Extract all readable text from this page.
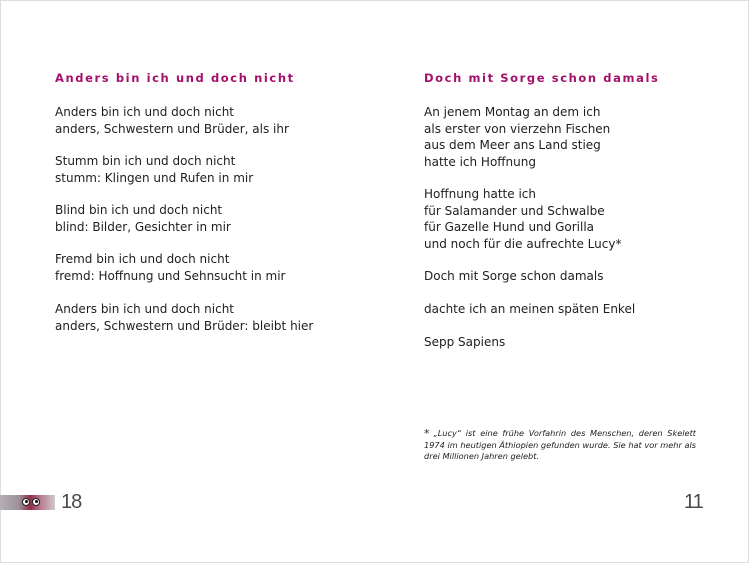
Anders bin ich und doch nicht
Anders bin ich und doch nicht
anders, Schwestern und Brüder, als ihr
Stumm bin ich und doch nicht
stumm: Klingen und Rufen in mir
Blind bin ich und doch nicht
blind: Bilder, Gesichter in mir
Fremd bin ich und doch nicht
fremd: Hoffnung und Sehnsucht in mir
Anders bin ich und doch nicht
anders, Schwestern und Brüder: bleibt hier
18
Doch mit Sorge schon damals
An jenem Montag an dem ich
als erster von vierzehn Fischen
aus dem Meer ans Land stieg
hatte ich Hoffnung
Hoffnung hatte ich
für Salamander und Schwalbe
für Gazelle Hund und Gorilla
und noch für die aufrechte Lucy*
Doch mit Sorge schon damals
dachte ich an meinen späten Enkel
Sepp Sapiens
* „Lucy“ ist eine frühe Vorfahrin des Menschen, deren Skelett 1974 im heutigen Äthiopien gefunden wurde. Sie hat vor mehr als drei Millionen Jahren gelebt.
11
